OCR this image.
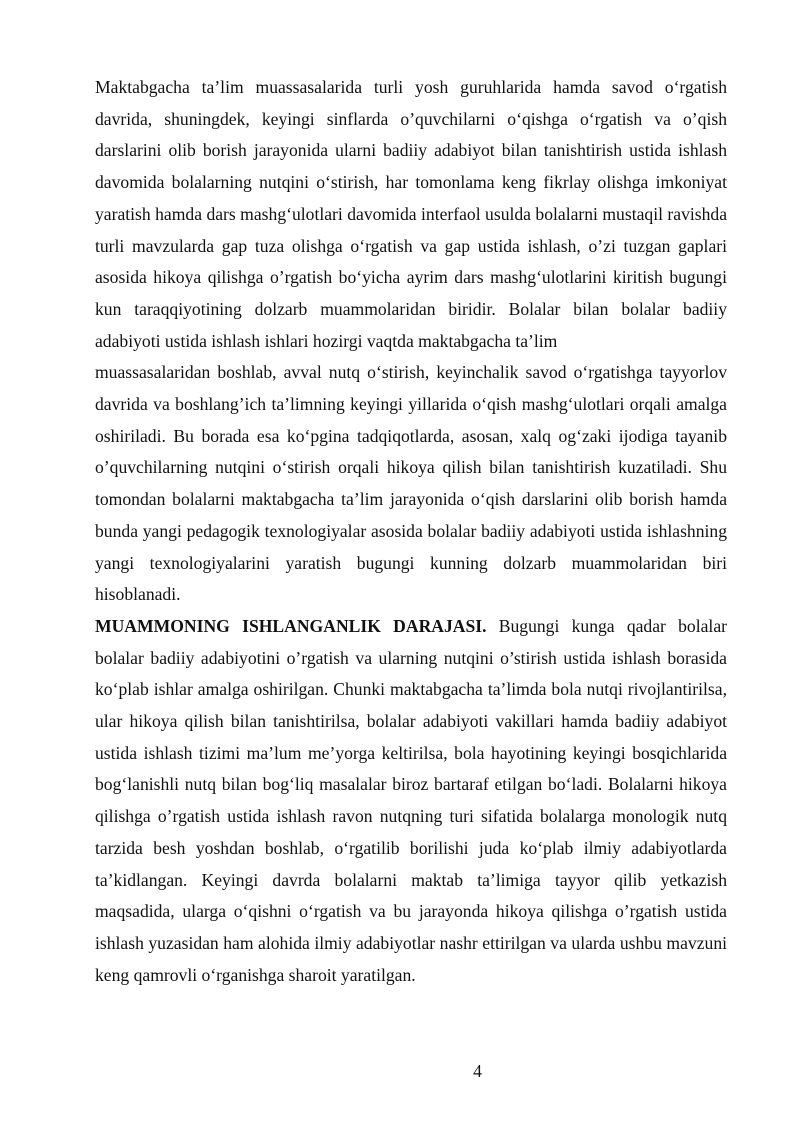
Maktabgacha ta’lim muassasalarida turli yosh guruhlarida hamda savod o‘rgatish davrida, shuningdek, keyingi sinflarda o’quvchilarni o‘qishga o‘rgatish va o’qish darslarini olib borish jarayonida ularni badiiy adabiyot bilan tanishtirish ustida ishlash davomida bolalarning nutqini o‘stirish, har tomonlama keng fikrlay olishga imkoniyat yaratish hamda dars mashg‘ulotlari davomida interfaol usulda bolalarni mustaqil ravishda turli mavzularda gap tuza olishga o‘rgatish va gap ustida ishlash, o’zi tuzgan gaplari asosida hikoya qilishga o’rgatish bo‘yicha ayrim dars mashg‘ulotlarini kiritish bugungi kun taraqqiyotining dolzarb muammolaridan biridir. Bolalar bilan bolalar badiiy adabiyoti ustida ishlash ishlari hozirgi vaqtda maktabgacha ta’lim

muassasalaridan boshlab, avval nutq o‘stirish, keyinchalik savod o‘rgatishga tayyorlov davrida va boshlang’ich ta’limning keyingi yillarida o‘qish mashg‘ulotlari orqali amalga oshiriladi. Bu borada esa ko‘pgina tadqiqotlarda, asosan, xalq og‘zaki ijodiga tayanib o’quvchilarning nutqini o‘stirish orqali hikoya qilish bilan tanishtirish kuzatiladi. Shu tomondan bolalarni maktabgacha ta’lim jarayonida o‘qish darslarini olib borish hamda bunda yangi pedagogik texnologiyalar asosida bolalar badiiy adabiyoti ustida ishlashning yangi texnologiyalarini yaratish bugungi kunning dolzarb muammolaridan biri hisoblanadi.

MUAMMONING ISHLANGANLIK DARAJASI. Bugungi kunga qadar bolalar bolalar badiiy adabiyotini o’rgatish va ularning nutqini o’stirish ustida ishlash borasida ko‘plab ishlar amalga oshirilgan. Chunki maktabgacha ta’limda bola nutqi rivojlantirilsa, ular hikoya qilish bilan tanishtirilsa, bolalar adabiyoti vakillari hamda badiiy adabiyot ustida ishlash tizimi ma’lum me’yorga keltirilsa, bola hayotining keyingi bosqichlarida bog‘lanishli nutq bilan bog‘liq masalalar biroz bartaraf etilgan bo‘ladi. Bolalarni hikoya qilishga o’rgatish ustida ishlash ravon nutqning turi sifatida bolalarga monologik nutq tarzida besh yoshdan boshlab, o‘rgatilib borilishi juda ko‘plab ilmiy adabiyotlarda ta’kidlangan. Keyingi davrda bolalarni maktab ta’limiga tayyor qilib yetkazish maqsadida, ularga o‘qishni o‘rgatish va bu jarayonda hikoya qilishga o’rgatish ustida ishlash yuzasidan ham alohida ilmiy adabiyotlar nashr ettirilgan va ularda ushbu mavzuni keng qamrovli o‘rganishga sharoit yaratilgan.

4
